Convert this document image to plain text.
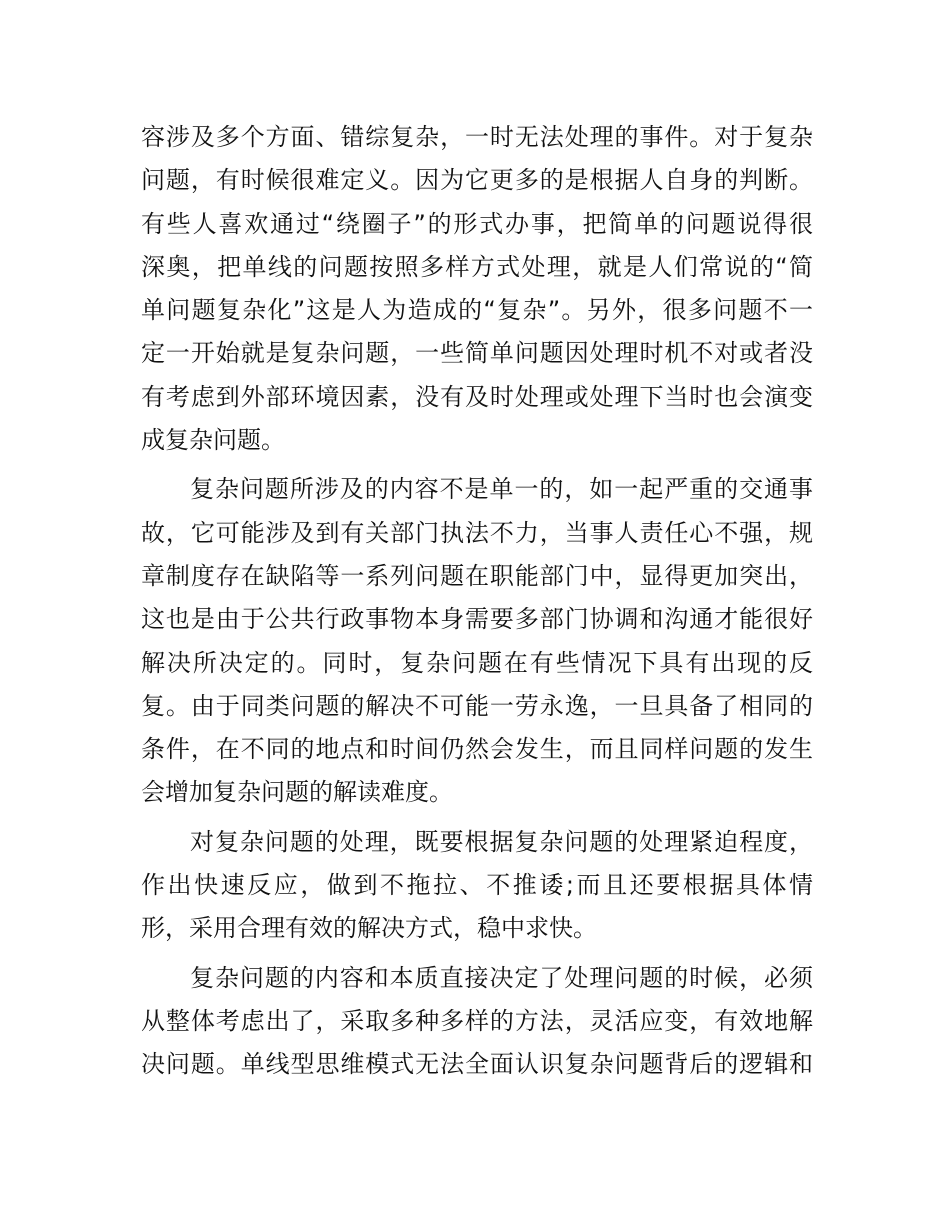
容涉及多个方面、错综复杂，一时无法处理的事件。对于复杂
问题，有时候很难定义。因为它更多的是根据人自身的判断。
有些人喜欢通过“绕圈子”的形式办事，把简单的问题说得很
深奥，把单线的问题按照多样方式处理，就是人们常说的“简
单问题复杂化”这是人为造成的“复杂”。另外，很多问题不一
定一开始就是复杂问题，一些简单问题因处理时机不对或者没
有考虑到外部环境因素，没有及时处理或处理下当时也会演变
成复杂问题。
复杂问题所涉及的内容不是单一的，如一起严重的交通事
故，它可能涉及到有关部门执法不力，当事人责任心不强，规
章制度存在缺陷等一系列问题在职能部门中，显得更加突出，
这也是由于公共行政事物本身需要多部门协调和沟通才能很好
解决所决定的。同时，复杂问题在有些情况下具有出现的反
复。由于同类问题的解决不可能一劳永逸，一旦具备了相同的
条件，在不同的地点和时间仍然会发生，而且同样问题的发生
会增加复杂问题的解读难度。
对复杂问题的处理，既要根据复杂问题的处理紧迫程度，
作出快速反应，做到不拖拉、不推诿;而且还要根据具体情
形，采用合理有效的解决方式，稳中求快。
复杂问题的内容和本质直接决定了处理问题的时候，必须
从整体考虑出了，采取多种多样的方法，灵活应变，有效地解
决问题。单线型思维模式无法全面认识复杂问题背后的逻辑和
